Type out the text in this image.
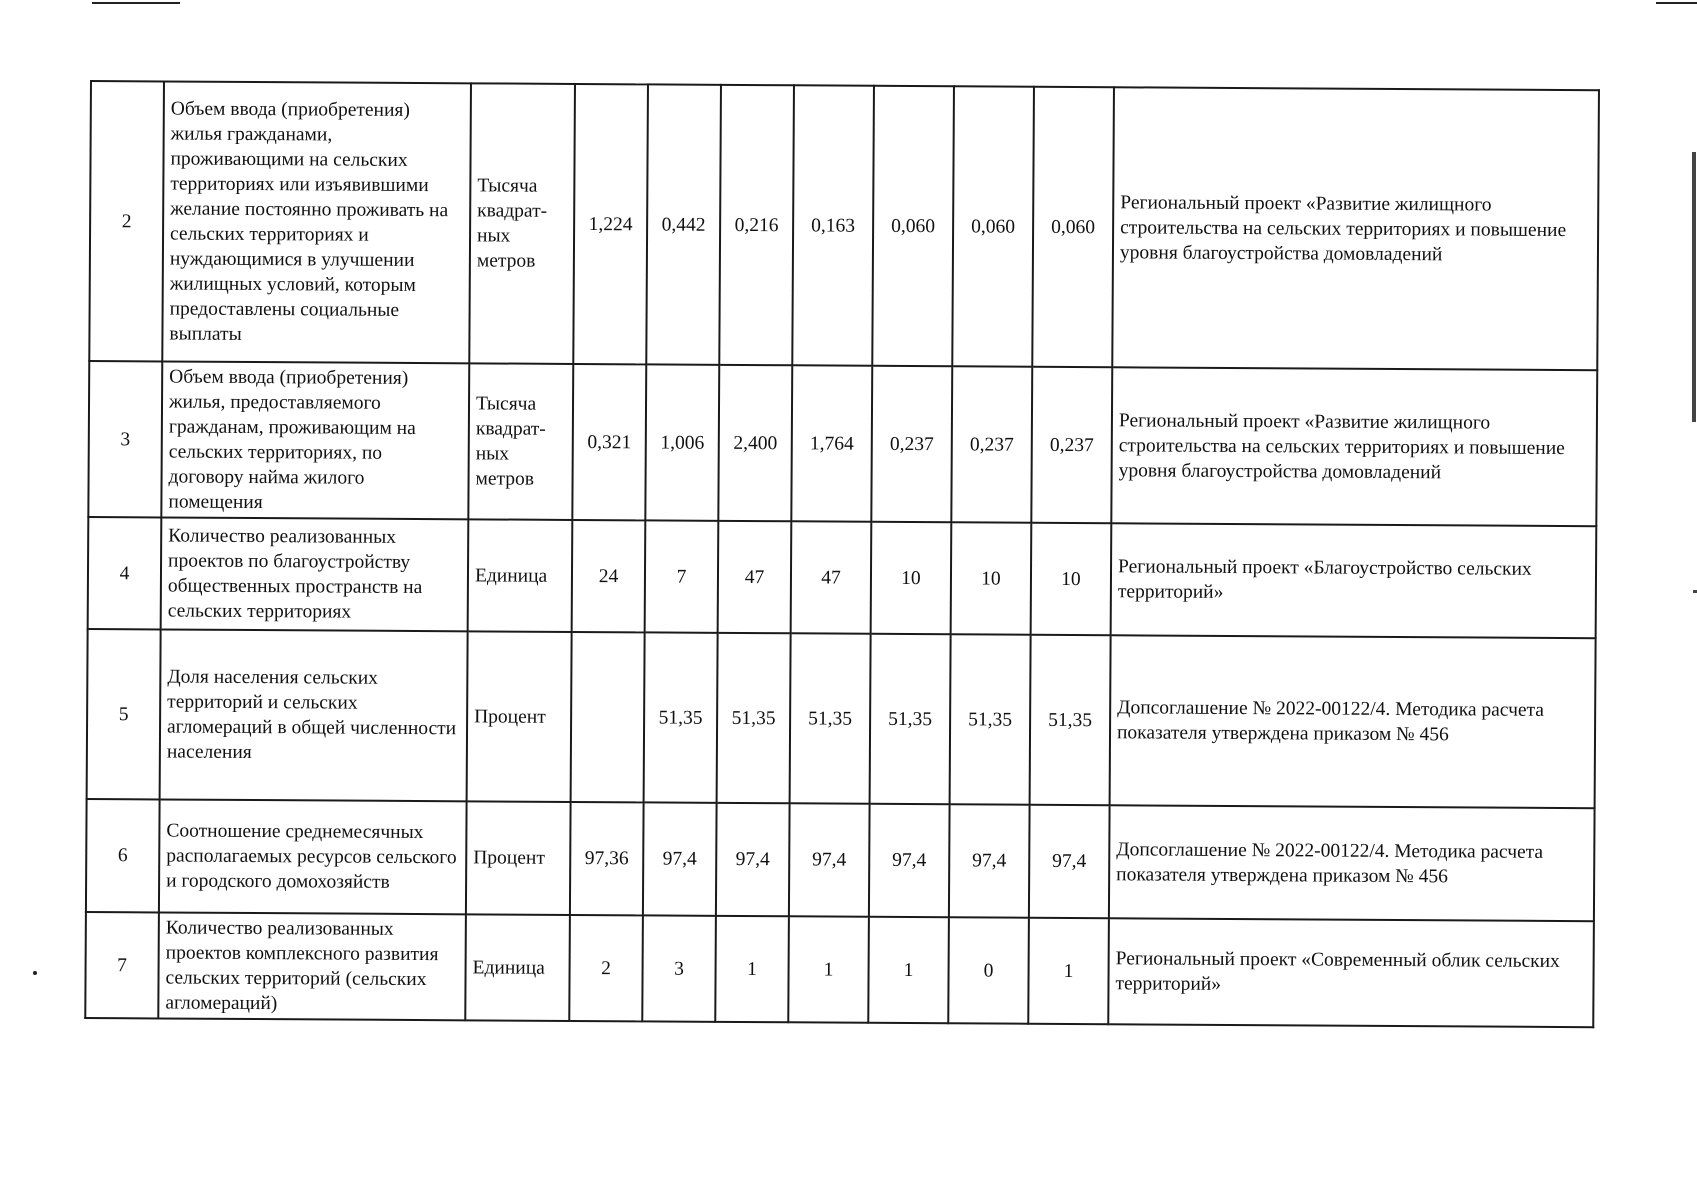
2	Объем ввода (приобретения) жилья гражданами, проживающими на сельских территориях или изъявившими желание постоянно проживать на сельских территориях и нуждающимися в улучшении жилищных условий, которым предоставлены социальные выплаты	Тысяча квадрат-ных метров	1,224	0,442	0,216	0,163	0,060	0,060	0,060	Региональный проект «Развитие жилищного строительства на сельских территориях и повышение уровня благоустройства домовладений
3	Объем ввода (приобретения) жилья, предоставляемого гражданам, проживающим на сельских территориях, по договору найма жилого помещения	Тысяча квадрат-ных метров	0,321	1,006	2,400	1,764	0,237	0,237	0,237	Региональный проект «Развитие жилищного строительства на сельских территориях и повышение уровня благоустройства домовладений
4	Количество реализованных проектов по благоустройству общественных пространств на сельских территориях	Единица	24	7	47	47	10	10	10	Региональный проект «Благоустройство сельских территорий»
5	Доля населения сельских территорий и сельских агломераций в общей численности населения	Процент		51,35	51,35	51,35	51,35	51,35	51,35	Допсоглашение № 2022-00122/4. Методика расчета показателя утверждена приказом № 456
6	Соотношение среднемесячных располагаемых ресурсов сельского и городского домохозяйств	Процент	97,36	97,4	97,4	97,4	97,4	97,4	97,4	Допсоглашение № 2022-00122/4. Методика расчета показателя утверждена приказом № 456
7	Количество реализованных проектов комплексного развития сельских территорий (сельских агломераций)	Единица	2	3	1	1	1	0	1	Региональный проект «Современный облик сельских территорий»
